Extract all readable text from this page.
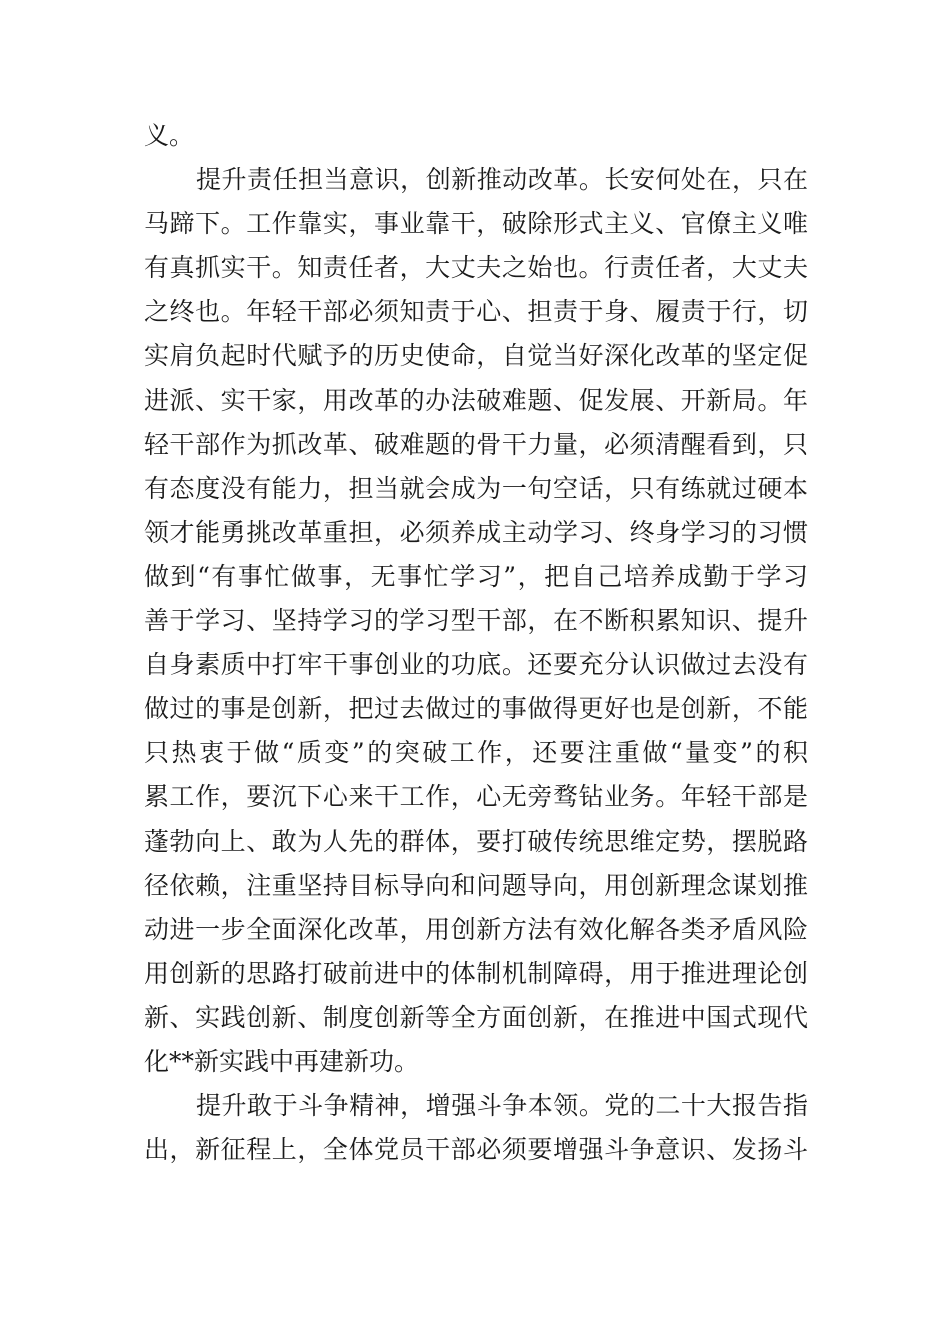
义。
提升责任担当意识，创新推动改革。长安何处在，只在
马蹄下。工作靠实，事业靠干，破除形式主义、官僚主义唯
有真抓实干。知责任者，大丈夫之始也。行责任者，大丈夫
之终也。年轻干部必须知责于心、担责于身、履责于行，切
实肩负起时代赋予的历史使命，自觉当好深化改革的坚定促
进派、实干家，用改革的办法破难题、促发展、开新局。年
轻干部作为抓改革、破难题的骨干力量，必须清醒看到，只
有态度没有能力，担当就会成为一句空话，只有练就过硬本
领才能勇挑改革重担，必须养成主动学习、终身学习的习惯
做到“有事忙做事，无事忙学习”，把自己培养成勤于学习
善于学习、坚持学习的学习型干部，在不断积累知识、提升
自身素质中打牢干事创业的功底。还要充分认识做过去没有
做过的事是创新，把过去做过的事做得更好也是创新，不能
只热衷于做“质变”的突破工作，还要注重做“量变”的积
累工作，要沉下心来干工作，心无旁骛钻业务。年轻干部是
蓬勃向上、敢为人先的群体，要打破传统思维定势，摆脱路
径依赖，注重坚持目标导向和问题导向，用创新理念谋划推
动进一步全面深化改革，用创新方法有效化解各类矛盾风险
用创新的思路打破前进中的体制机制障碍，用于推进理论创
新、实践创新、制度创新等全方面创新，在推进中国式现代
化**新实践中再建新功。
提升敢于斗争精神，增强斗争本领。党的二十大报告指
出，新征程上，全体党员干部必须要增强斗争意识、发扬斗
